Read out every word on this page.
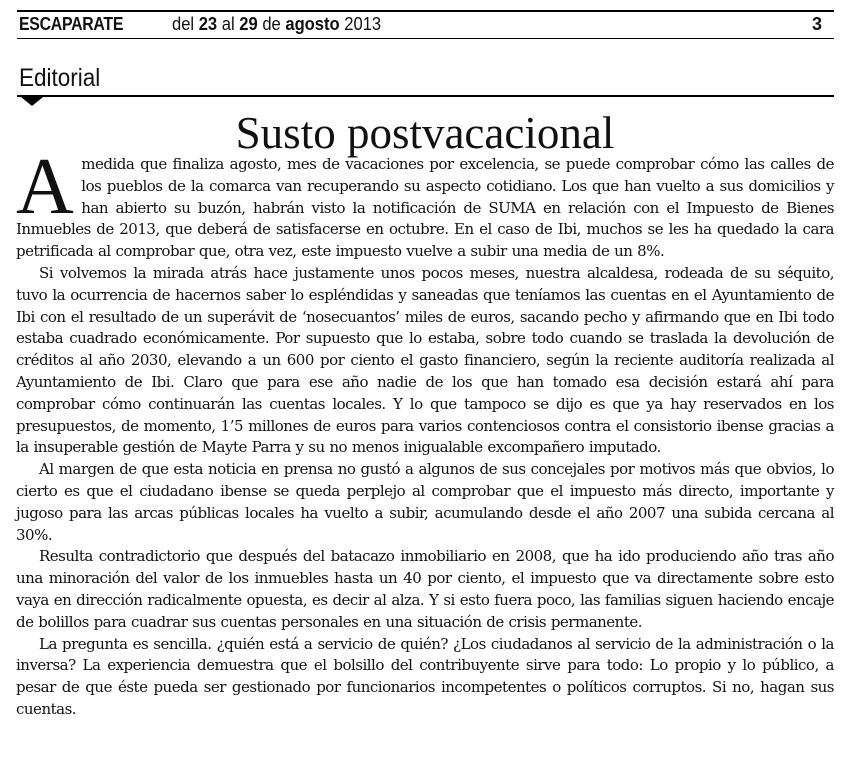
ESCAPARATE	del 23 al 29 de agosto 2013	3
Editorial
Susto postvacacional

A medida que finaliza agosto, mes de vacaciones por excelencia, se puede comprobar cómo las calles de los pueblos de la comarca van recuperando su aspecto cotidiano. Los que han vuelto a sus domicilios y han abierto su buzón, habrán visto la notificación de SUMA en relación con el Impuesto de Bienes Inmuebles de 2013, que deberá de satisfacerse en octubre. En el caso de Ibi, muchos se les ha quedado la cara petrificada al comprobar que, otra vez, este impuesto vuelve a subir una media de un 8%.

Si volvemos la mirada atrás hace justamente unos pocos meses, nuestra alcaldesa, rodeada de su séquito, tuvo la ocurrencia de hacernos saber lo espléndidas y saneadas que teníamos las cuentas en el Ayuntamiento de Ibi con el resultado de un superávit de ‘nosecuantos’ miles de euros, sacando pecho y afirmando que en Ibi todo estaba cuadrado económicamente. Por supuesto que lo estaba, sobre todo cuando se traslada la devolución de créditos al año 2030, elevando a un 600 por ciento el gasto financiero, según la reciente auditoría realizada al Ayuntamiento de Ibi. Claro que para ese año nadie de los que han tomado esa decisión estará ahí para comprobar cómo continuarán las cuentas locales. Y lo que tampoco se dijo es que ya hay reservados en los presupuestos, de momento, 1’5 millones de euros para varios contenciosos contra el consistorio ibense gracias a la insuperable gestión de Mayte Parra y su no menos inigualable excompañero imputado.

Al margen de que esta noticia en prensa no gustó a algunos de sus concejales por motivos más que obvios, lo cierto es que el ciudadano ibense se queda perplejo al comprobar que el impuesto más directo, importante y jugoso para las arcas públicas locales ha vuelto a subir, acumulando desde el año 2007 una subida cercana al 30%.

Resulta contradictorio que después del batacazo inmobiliario en 2008, que ha ido produciendo año tras año una minoración del valor de los inmuebles hasta un 40 por ciento, el impuesto que va directamente sobre esto vaya en dirección radicalmente opuesta, es decir al alza. Y si esto fuera poco, las familias siguen haciendo encaje de bolillos para cuadrar sus cuentas personales en una situación de crisis permanente.

La pregunta es sencilla. ¿quién está a servicio de quién? ¿Los ciudadanos al servicio de la administración o la inversa? La experiencia demuestra que el bolsillo del contribuyente sirve para todo: Lo propio y lo público, a pesar de que éste pueda ser gestionado por funcionarios incompetentes o políticos corruptos. Si no, hagan sus cuentas.
